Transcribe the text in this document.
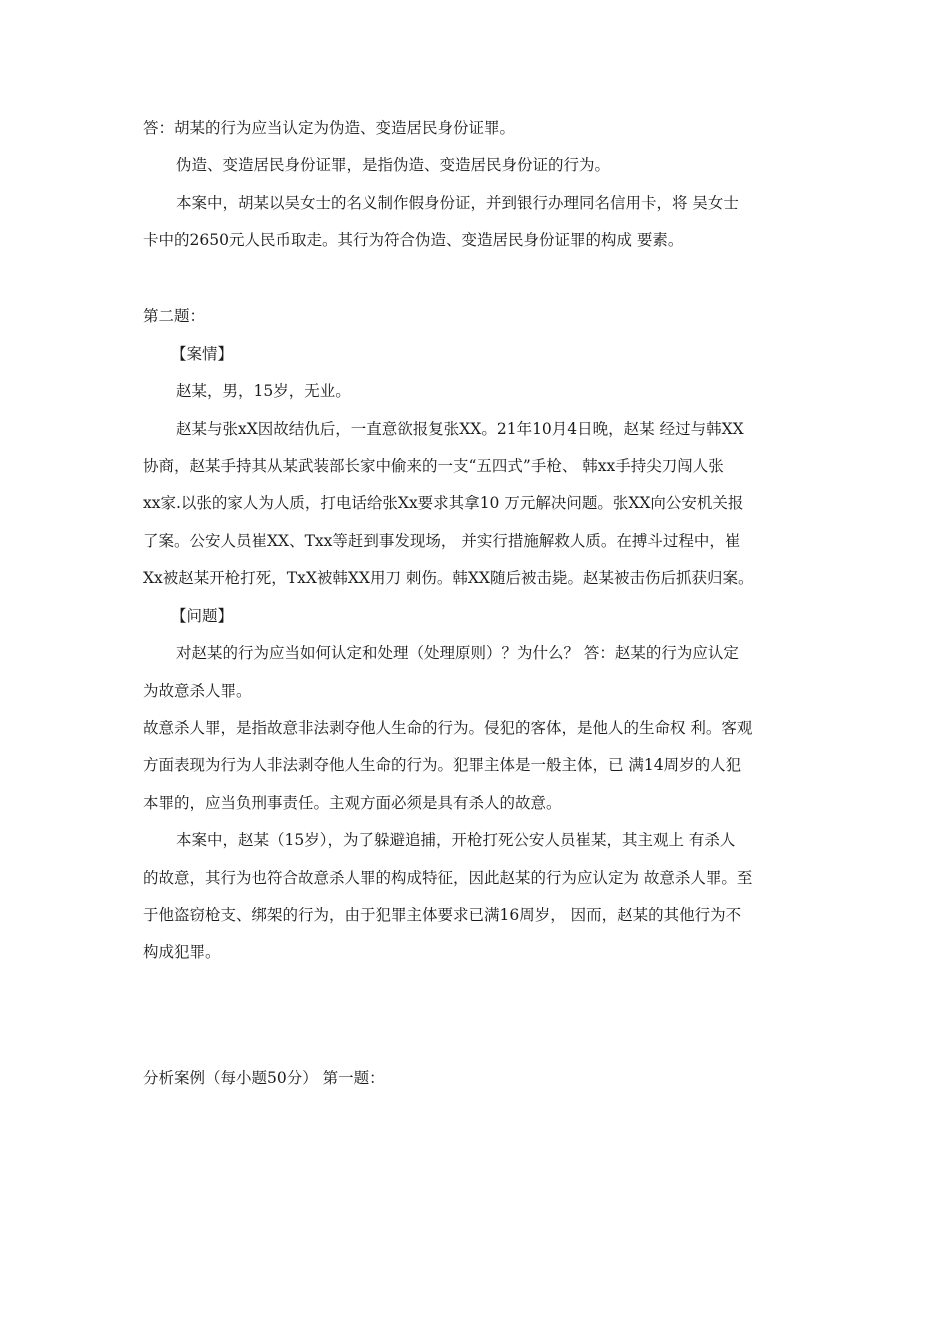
答：胡某的行为应当认定为伪造、变造居民身份证罪。
伪造、变造居民身份证罪，是指伪造、变造居民身份证的行为。
本案中，胡某以吴女士的名义制作假身份证，并到银行办理同名信用卡，将 吴女士
卡中的2650元人民币取走。其行为符合伪造、变造居民身份证罪的构成 要素。
第二题：
【案情】
赵某，男，15岁，无业。
赵某与张xX因故结仇后，一直意欲报复张XX。21年10月4日晚，赵某 经过与韩XX
协商，赵某手持其从某武装部长家中偷来的一支“五四式”手枪、 韩xx手持尖刀闯人张
xx家.以张的家人为人质，打电话给张Xx要求其拿10 万元解决问题。张XX向公安机关报
了案。公安人员崔XX、Txx等赶到事发现场， 并实行措施解救人质。在搏斗过程中，崔
Xx被赵某开枪打死，TxX被韩XX用刀 刺伤。韩XX随后被击毙。赵某被击伤后抓获归案。
【问题】
对赵某的行为应当如何认定和处理（处理原则）？为什么？ 答：赵某的行为应认定
为故意杀人罪。
故意杀人罪，是指故意非法剥夺他人生命的行为。侵犯的客体，是他人的生命权 利。客观
方面表现为行为人非法剥夺他人生命的行为。犯罪主体是一般主体，已 满14周岁的人犯
本罪的，应当负刑事责任。主观方面必须是具有杀人的故意。
本案中，赵某（15岁），为了躲避追捕，开枪打死公安人员崔某，其主观上 有杀人
的故意，其行为也符合故意杀人罪的构成特征，因此赵某的行为应认定为 故意杀人罪。至
于他盗窃枪支、绑架的行为，由于犯罪主体要求已满16周岁， 因而，赵某的其他行为不
构成犯罪。
分析案例（每小题50分） 第一题：
